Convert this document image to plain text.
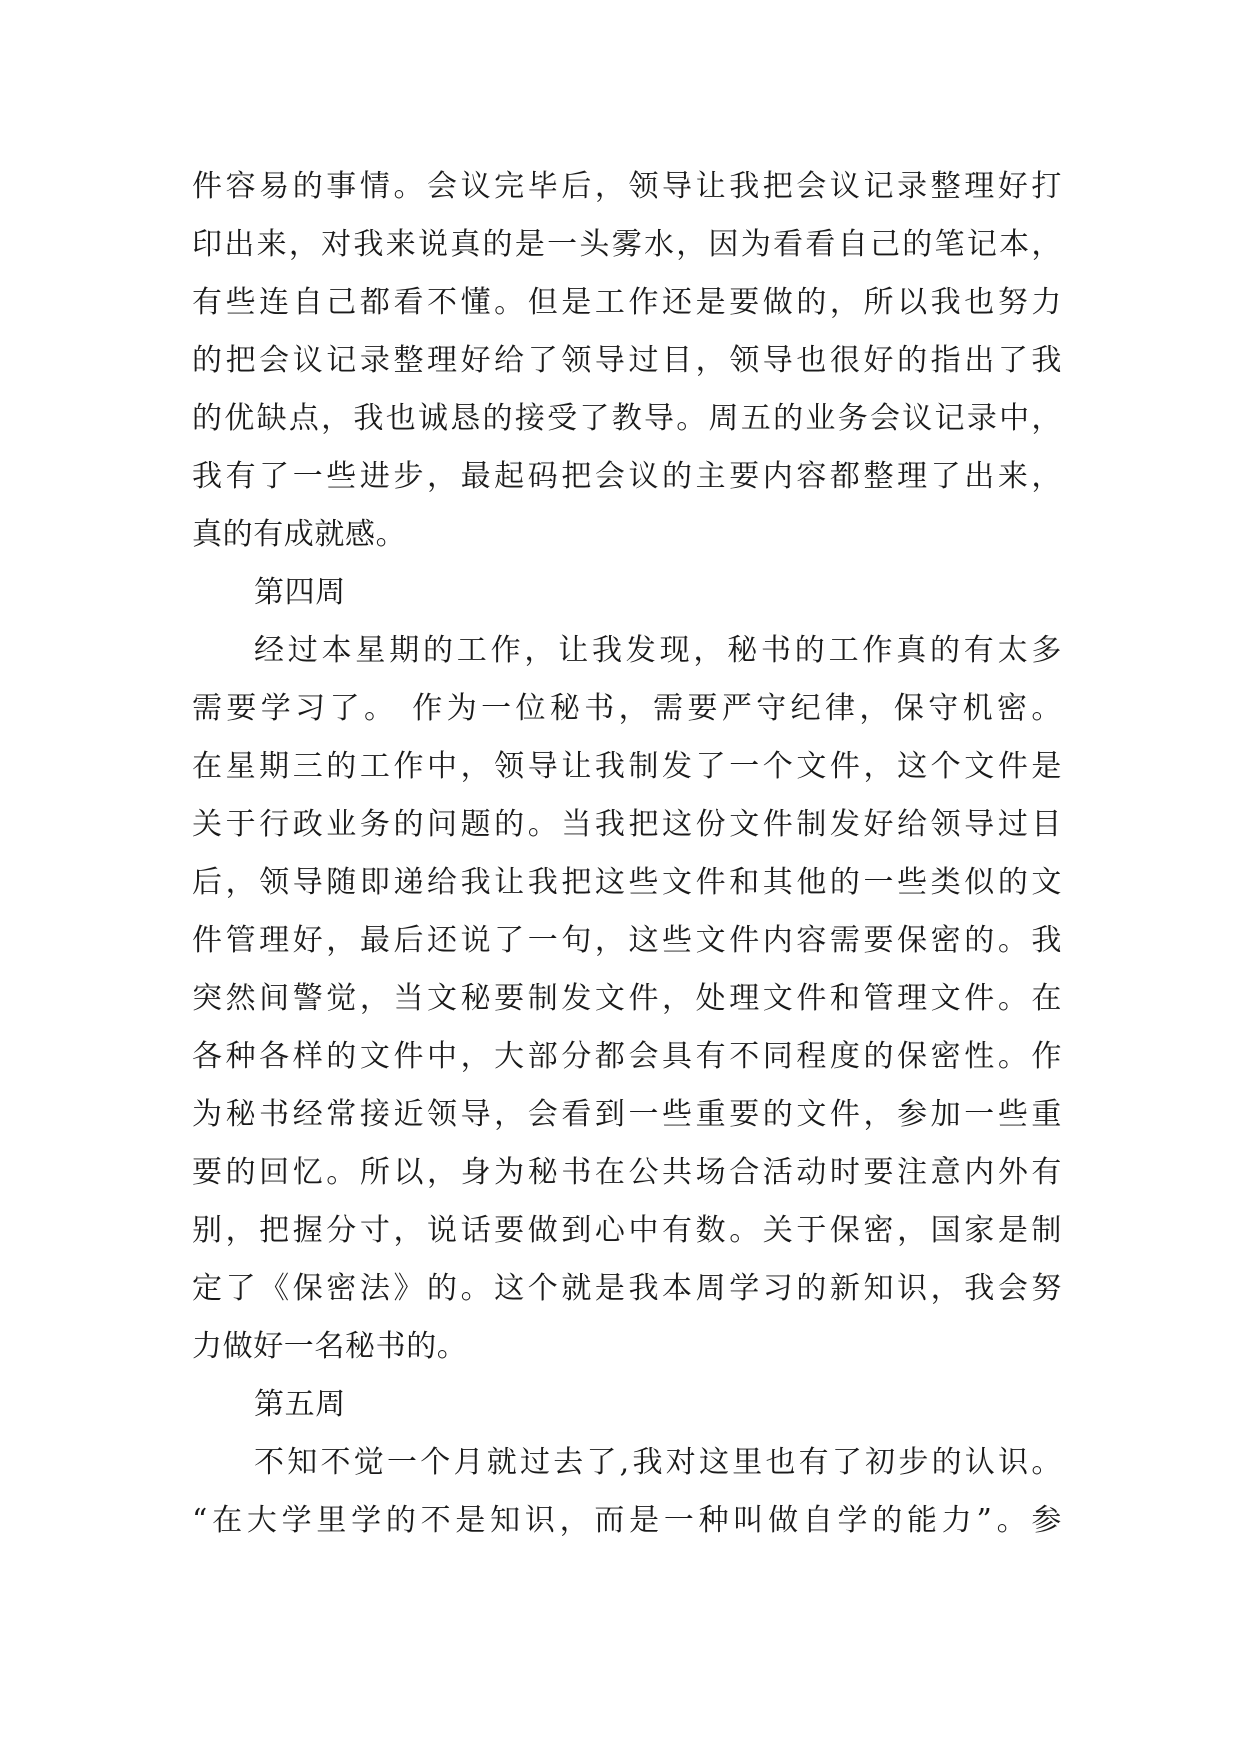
件容易的事情。会议完毕后，领导让我把会议记录整理好打
印出来，对我来说真的是一头雾水，因为看看自己的笔记本，
有些连自己都看不懂。但是工作还是要做的，所以我也努力
的把会议记录整理好给了领导过目，领导也很好的指出了我
的优缺点，我也诚恳的接受了教导。周五的业务会议记录中，
我有了一些进步，最起码把会议的主要内容都整理了出来，
真的有成就感。
第四周
经过本星期的工作，让我发现，秘书的工作真的有太多
需要学习了。 作为一位秘书，需要严守纪律，保守机密。
在星期三的工作中，领导让我制发了一个文件，这个文件是
关于行政业务的问题的。当我把这份文件制发好给领导过目
后，领导随即递给我让我把这些文件和其他的一些类似的文
件管理好，最后还说了一句，这些文件内容需要保密的。我
突然间警觉，当文秘要制发文件，处理文件和管理文件。在
各种各样的文件中，大部分都会具有不同程度的保密性。作
为秘书经常接近领导，会看到一些重要的文件，参加一些重
要的回忆。所以，身为秘书在公共场合活动时要注意内外有
别，把握分寸，说话要做到心中有数。关于保密，国家是制
定了《保密法》的。这个就是我本周学习的新知识，我会努
力做好一名秘书的。
第五周
不知不觉一个月就过去了,我对这里也有了初步的认识。
“在大学里学的不是知识，而是一种叫做自学的能力”。参
